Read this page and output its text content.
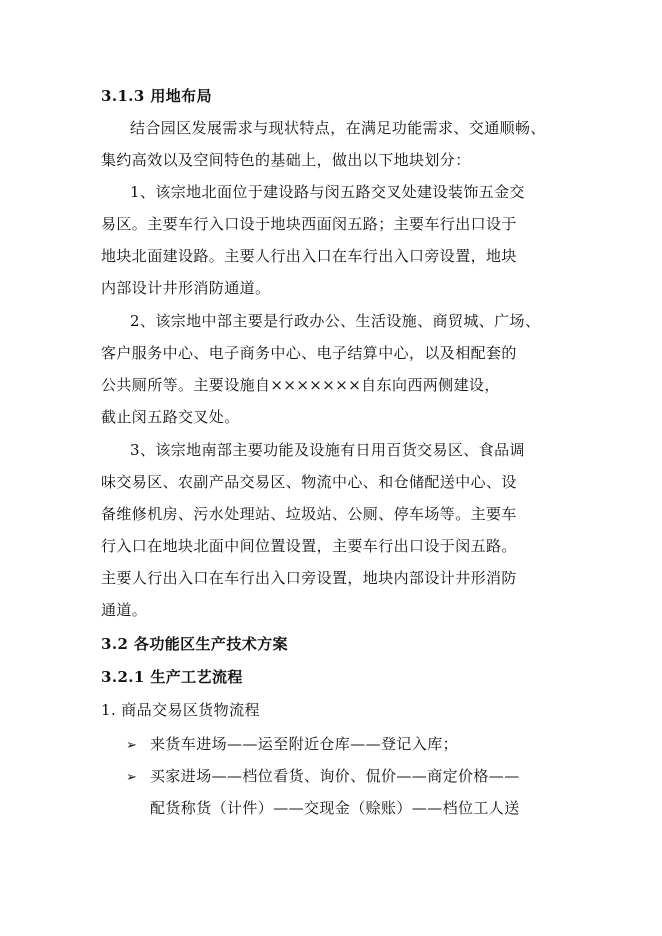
3.1.3 用地布局
结合园区发展需求与现状特点，在满足功能需求、交通顺畅、
集约高效以及空间特色的基础上，做出以下地块划分：
1、该宗地北面位于建设路与闵五路交叉处建设装饰五金交
易区。主要车行入口设于地块西面闵五路；主要车行出口设于
地块北面建设路。主要人行出入口在车行出入口旁设置，地块
内部设计井形消防通道。
2、该宗地中部主要是行政办公、生活设施、商贸城、广场、
客户服务中心、电子商务中心、电子结算中心，以及相配套的
公共厕所等。主要设施自×××××××自东向西两侧建设，
截止闵五路交叉处。
3、该宗地南部主要功能及设施有日用百货交易区、食品调
味交易区、农副产品交易区、物流中心、和仓储配送中心、设
备维修机房、污水处理站、垃圾站、公厕、停车场等。主要车
行入口在地块北面中间位置设置，主要车行出口设于闵五路。
主要人行出入口在车行出入口旁设置，地块内部设计井形消防
通道。
3.2 各功能区生产技术方案
3.2.1 生产工艺流程
1. 商品交易区货物流程
➢ 来货车进场——运至附近仓库——登记入库；
➢ 买家进场——档位看货、询价、侃价——商定价格——
配货称货（计件）——交现金（赊账）——档位工人送
